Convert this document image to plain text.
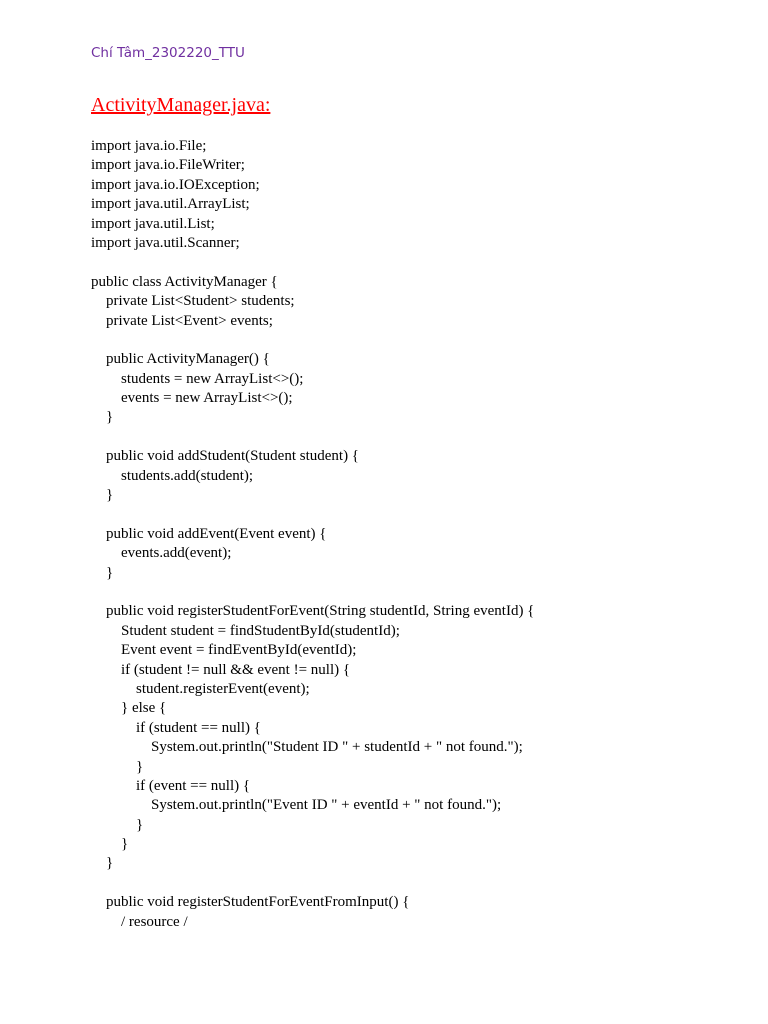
Chí Tâm_2302220_TTU
ActivityManager.java:
import java.io.File;
import java.io.FileWriter;
import java.io.IOException;
import java.util.ArrayList;
import java.util.List;
import java.util.Scanner;
public class ActivityManager {
private List<Student> students;
private List<Event> events;
public ActivityManager() {
students = new ArrayList<>();
events = new ArrayList<>();
}
public void addStudent(Student student) {
students.add(student);
}
public void addEvent(Event event) {
events.add(event);
}
public void registerStudentForEvent(String studentId, String eventId) {
Student student = findStudentById(studentId);
Event event = findEventById(eventId);
if (student != null && event != null) {
student.registerEvent(event);
} else {
if (student == null) {
System.out.println("Student ID " + studentId + " not found.");
}
if (event == null) {
System.out.println("Event ID " + eventId + " not found.");
}
}
}
public void registerStudentForEventFromInput() {
/ resource /
